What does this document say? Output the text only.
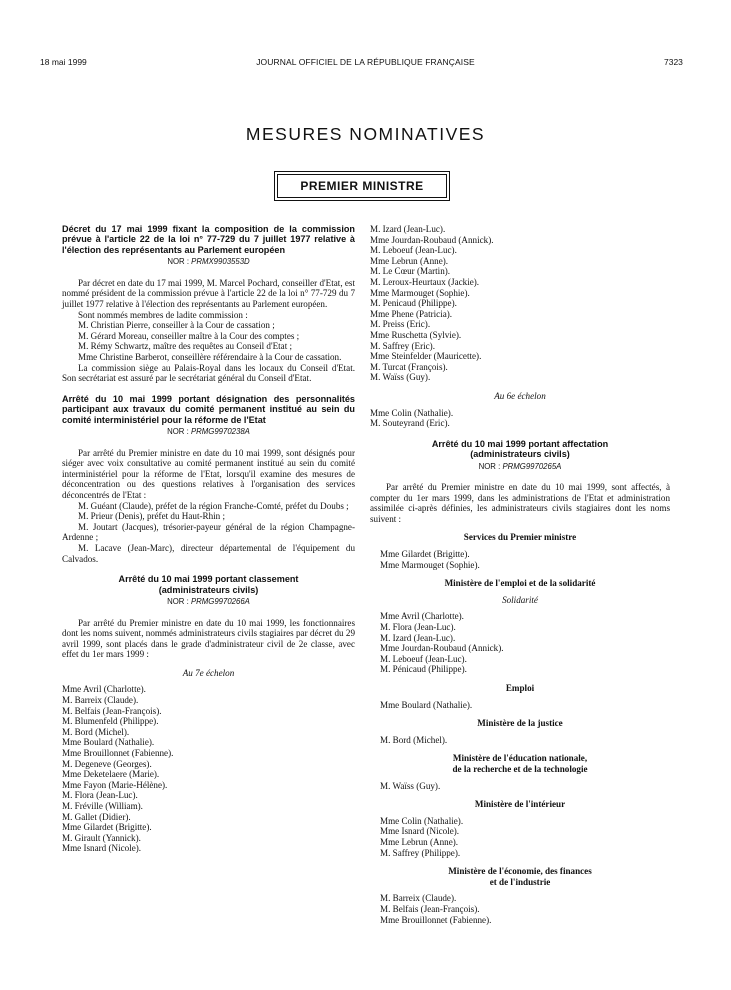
18 mai 1999	JOURNAL OFFICIEL DE LA RÉPUBLIQUE FRANÇAISE	7323
MESURES NOMINATIVES
PREMIER MINISTRE

Décret du 17 mai 1999 fixant la composition de la commission prévue à l'article 22 de la loi n° 77-729 du 7 juillet 1977 relative à l'élection des représentants au Parlement européen

NOR : PRMX9903553D

Par décret en date du 17 mai 1999, M. Marcel Pochard, conseiller d'Etat, est nommé président de la commission prévue à l'article 22 de la loi n° 77-729 du 7 juillet 1977 relative à l'élection des représentants au Parlement européen.

Sont nommés membres de ladite commission :

M. Christian Pierre, conseiller à la Cour de cassation ;

M. Gérard Moreau, conseiller maître à la Cour des comptes ;

M. Rémy Schwartz, maître des requêtes au Conseil d'Etat ;

Mme Christine Barberot, conseillère référendaire à la Cour de cassation.

La commission siège au Palais-Royal dans les locaux du Conseil d'Etat. Son secrétariat est assuré par le secrétariat général du Conseil d'Etat.

Arrêté du 10 mai 1999 portant désignation des personnalités participant aux travaux du comité permanent institué au sein du comité interministériel pour la réforme de l'Etat

NOR : PRMG9970238A

Par arrêté du Premier ministre en date du 10 mai 1999, sont désignés pour siéger avec voix consultative au comité permanent institué au sein du comité interministériel pour la réforme de l'Etat, lorsqu'il examine des mesures de déconcentration ou des questions relatives à l'organisation des services déconcentrés de l'Etat :

M. Guéant (Claude), préfet de la région Franche-Comté, préfet du Doubs ;

M. Prieur (Denis), préfet du Haut-Rhin ;

M. Joutart (Jacques), trésorier-payeur général de la région Champagne-Ardenne ;

M. Lacave (Jean-Marc), directeur départemental de l'équipement du Calvados.

Arrêté du 10 mai 1999 portant classement

(administrateurs civils)

NOR : PRMG9970266A

Par arrêté du Premier ministre en date du 10 mai 1999, les fonctionnaires dont les noms suivent, nommés administrateurs civils stagiaires par décret du 29 avril 1999, sont placés dans le grade d'administrateur civil de 2e classe, avec effet du 1er mars 1999 :

Au 7e échelon

Mme Avril (Charlotte).

M. Barreix (Claude).

M. Belfais (Jean-François).

M. Blumenfeld (Philippe).

M. Bord (Michel).

Mme Boulard (Nathalie).

Mme Brouillonnet (Fabienne).

M. Degeneve (Georges).

Mme Deketelaere (Marie).

Mme Fayon (Marie-Hélène).

M. Flora (Jean-Luc).

M. Fréville (William).

M. Gallet (Didier).

Mme Gilardet (Brigitte).

M. Girault (Yannick).

Mme Isnard (Nicole).

M. Izard (Jean-Luc).

Mme Jourdan-Roubaud (Annick).

M. Leboeuf (Jean-Luc).

Mme Lebrun (Anne).

M. Le Cœur (Martin).

M. Leroux-Heurtaux (Jackie).

Mme Marmouget (Sophie).

M. Penicaud (Philippe).

Mme Phene (Patricia).

M. Preiss (Eric).

Mme Ruschetta (Sylvie).

M. Saffrey (Eric).

Mme Steinfelder (Mauricette).

M. Turcat (François).

M. Waïss (Guy).

Au 6e échelon

Mme Colin (Nathalie).

M. Souteyrand (Eric).

Arrêté du 10 mai 1999 portant affectation

(administrateurs civils)

NOR : PRMG9970265A

Par arrêté du Premier ministre en date du 10 mai 1999, sont affectés, à compter du 1er mars 1999, dans les administrations de l'Etat et administration assimilée ci-après définies, les administrateurs civils stagiaires dont les noms suivent :

Services du Premier ministre

Mme Gilardet (Brigitte).

Mme Marmouget (Sophie).

Ministère de l'emploi et de la solidarité

Solidarité

Mme Avril (Charlotte).

M. Flora (Jean-Luc).

M. Izard (Jean-Luc).

Mme Jourdan-Roubaud (Annick).

M. Leboeuf (Jean-Luc).

M. Pénicaud (Philippe).

Emploi

Mme Boulard (Nathalie).

Ministère de la justice

M. Bord (Michel).

Ministère de l'éducation nationale,

de la recherche et de la technologie

M. Waïss (Guy).

Ministère de l'intérieur

Mme Colin (Nathalie).

Mme Isnard (Nicole).

Mme Lebrun (Anne).

M. Saffrey (Philippe).

Ministère de l'économie, des finances

et de l'industrie

M. Barreix (Claude).

M. Belfais (Jean-François).

Mme Brouillonnet (Fabienne).
